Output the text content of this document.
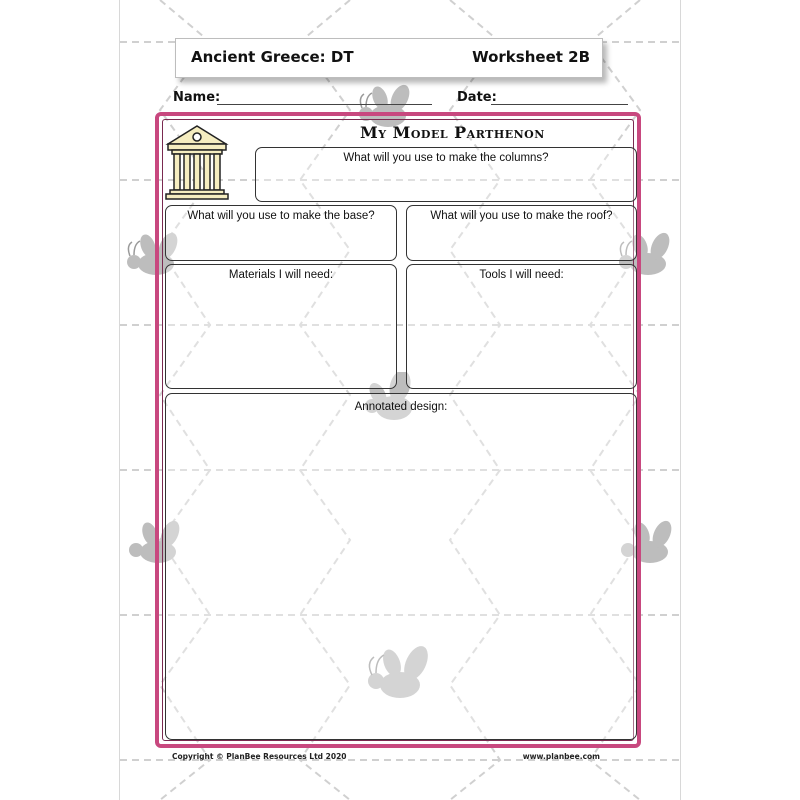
Ancient Greece: DT	Worksheet 2B
Name:	Date:
My Model Parthenon
What will you use to make the columns?
What will you use to make the base?	What will you use to make the roof?
Materials I will need:	Tools I will need:
Annotated design:
Copyright © PlanBee Resources Ltd 2020	www.planbee.com
